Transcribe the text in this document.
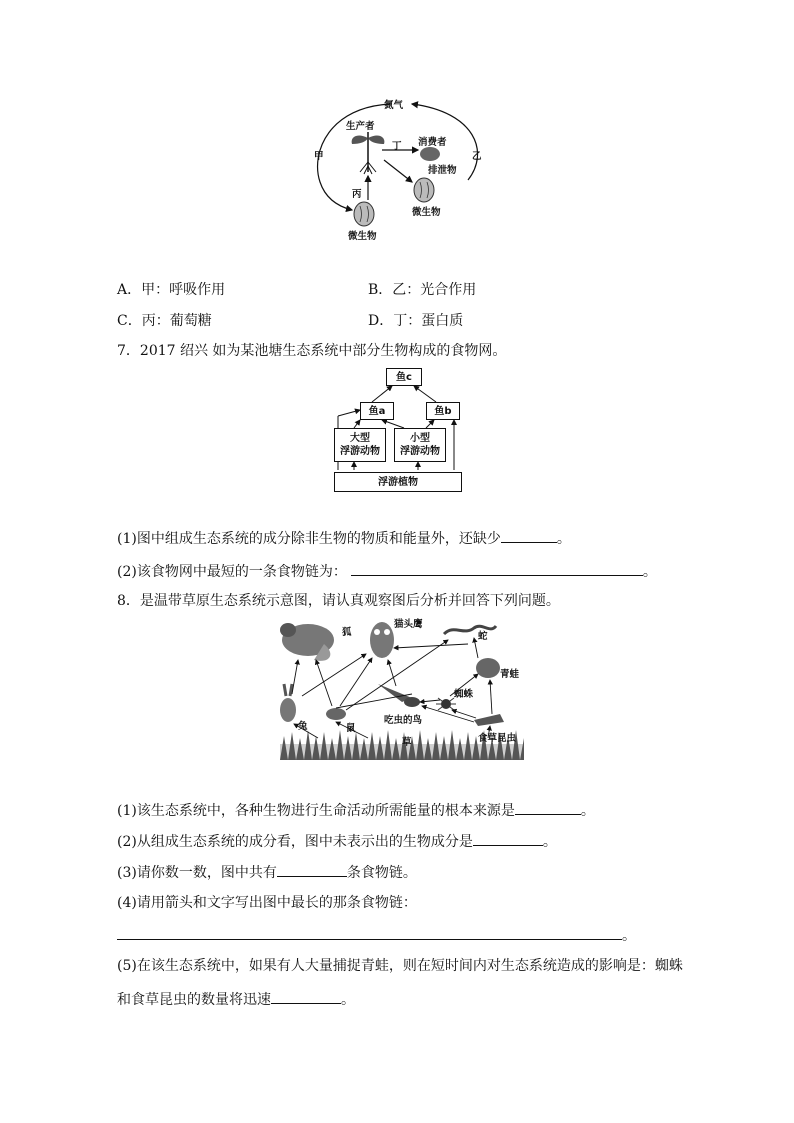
氮气
生产者
消费者
排泄物
微生物
微生物
甲	乙
丙
丁
A．甲：呼吸作用	B．乙：光合作用
C．丙：葡萄糖	D．丁：蛋白质
7．2017 绍兴 如为某池塘生态系统中部分生物构成的食物网。
鱼c
鱼a	鱼b
大型
浮游动物
小型
浮游动物
浮游植物
(1)图中组成生态系统的成分除非生物的物质和能量外，还缺少	。
(2)该食物网中最短的一条食物链为：	。
8．是温带草原生态系统示意图，请认真观察图后分析并回答下列问题。
狐
猫头鹰
蛇
青蛙
兔	鼠
吃虫的鸟
蜘蛛
食草昆虫
草
(1)该生态系统中，各种生物进行生命活动所需能量的根本来源是	。
(2)从组成生态系统的成分看，图中未表示出的生物成分是	。
(3)请你数一数，图中共有	条食物链。
(4)请用箭头和文字写出图中最长的那条食物链：
。
(5)在该生态系统中，如果有人大量捕捉青蛙，则在短时间内对生态系统造成的影响是：蜘蛛
和食草昆虫的数量将迅速	。
